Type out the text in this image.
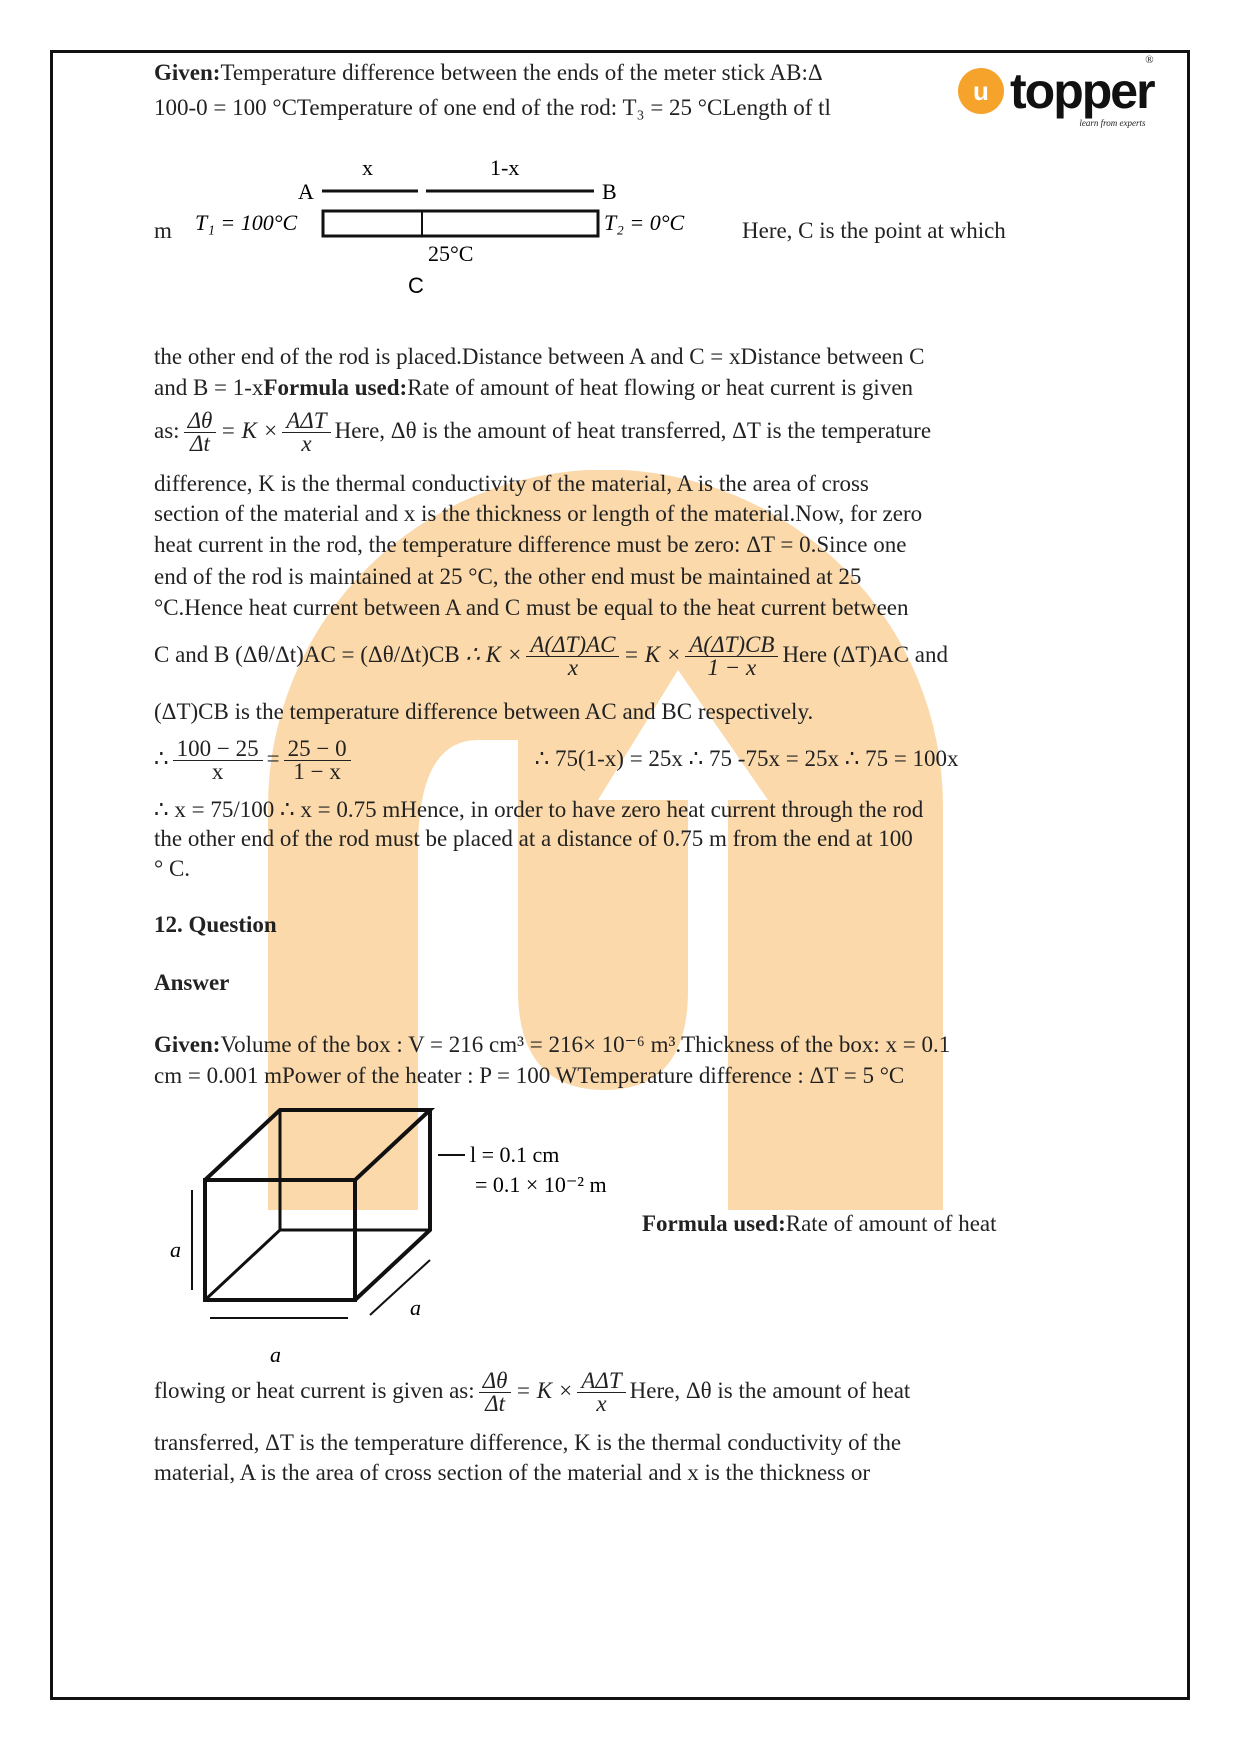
u topper
learn from experts
®
Given:Temperature difference between the ends of the meter stick AB:Δ
100-0 = 100 °CTemperature of one end of the rod: T₃ = 25 °CLength of tl
m	Here, C is the point at which
x	1-x
A	B
T₁ = 100°C	T₂ = 0°C
25°C
C
the other end of the rod is placed.Distance between A and C = xDistance between C
and B = 1-xFormula used:Rate of amount of heat flowing or heat current is given
as: $\frac{\Delta\theta}{\Delta t} = K \times \frac{\text{AΔT}}{x}$ Here, Δθ is the amount of heat transferred, ΔT is the temperature
difference, K is the thermal conductivity of the material, A is the area of cross
section of the material and x is the thickness or length of the material.Now, for zero
heat current in the rod, the temperature difference must be zero: ΔT = 0.Since one
end of the rod is maintained at 25 °C, the other end must be maintained at 25
°C.Hence heat current between A and C must be equal to the heat current between
C and B (Δθ/Δt)AC = (Δθ/Δt)CB ∴ $K \times \frac{A(\Delta T)AC}{x} = K \times \frac{A(\Delta T)CB}{1 - x}$ Here (ΔT)AC and
(ΔT)CB is the temperature difference between AC and BC respectively.
∴ $\frac{100 - 25}{x} = \frac{25 - 0}{1 - x}$	∴ 75(1-x) = 25x ∴ 75 -75x = 25x ∴ 75 = 100x
∴ x = 75/100 ∴ x = 0.75 mHence, in order to have zero heat current through the rod
the other end of the rod must be placed at a distance of 0.75 m from the end at 100
° C.
12. Question
Answer
Given:Volume of the box : V = 216 cm³ = 216× 10⁻⁶ m³.Thickness of the box: x = 0.1
cm = 0.001 mPower of the heater : P = 100 WTemperature difference : ΔT = 5 °C
l = 0.1 cm
= 0.1 × 10⁻² m
a
a
a
Formula used:Rate of amount of heat
flowing or heat current is given as: $\frac{\Delta\theta}{\Delta t} = K \times \frac{\text{AΔT}}{x}$ Here, Δθ is the amount of heat
transferred, ΔT is the temperature difference, K is the thermal conductivity of the
material, A is the area of cross section of the material and x is the thickness or
